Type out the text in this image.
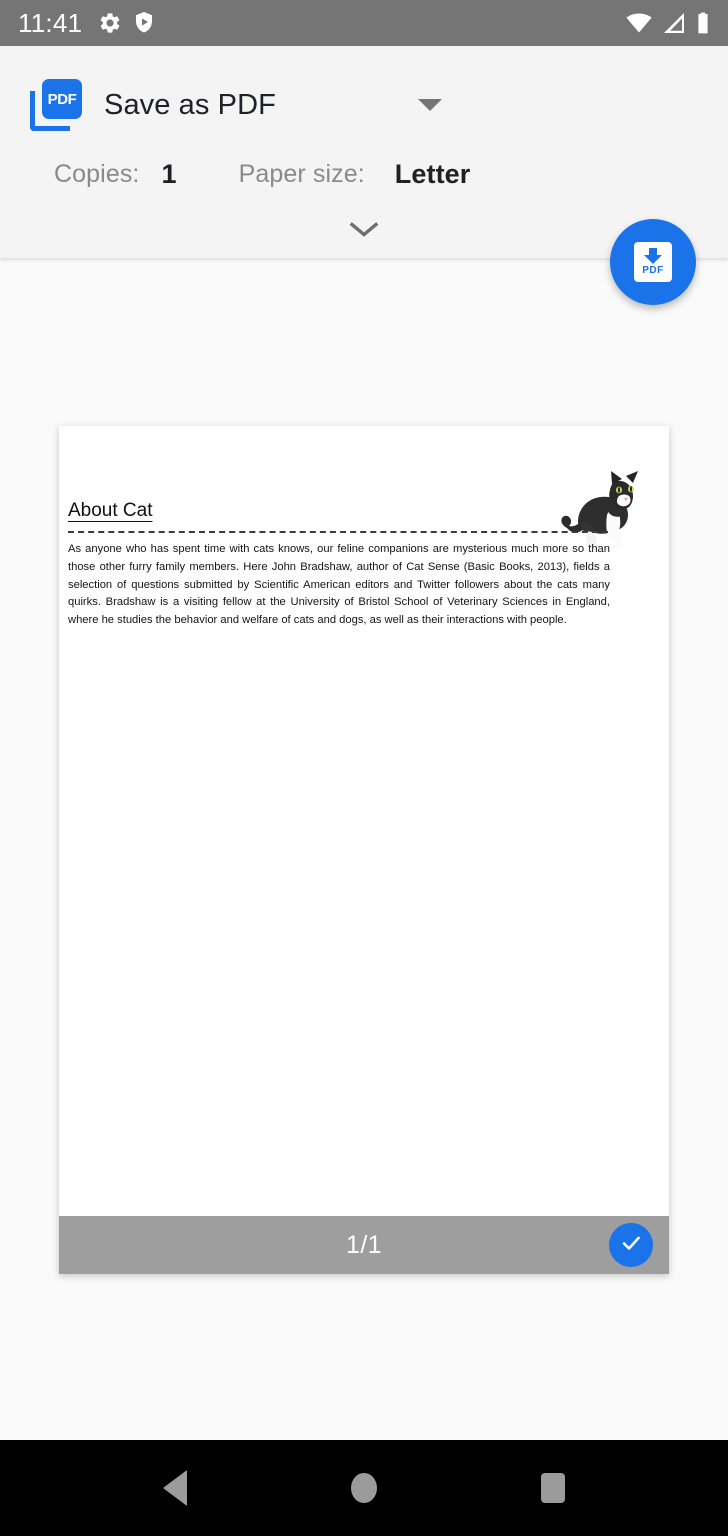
11:41
PDF Save as PDF
Copies: 1 Paper size: Letter
PDF
About Cat
As anyone who has spent time with cats knows, our feline companions are mysterious much more so than those other furry family members. Here John Bradshaw, author of Cat Sense (Basic Books, 2013), fields a selection of questions submitted by Scientific American editors and Twitter followers about the cats many quirks. Bradshaw is a visiting fellow at the University of Bristol School of Veterinary Sciences in England, where he studies the behavior and welfare of cats and dogs, as well as their interactions with people.
1/1
